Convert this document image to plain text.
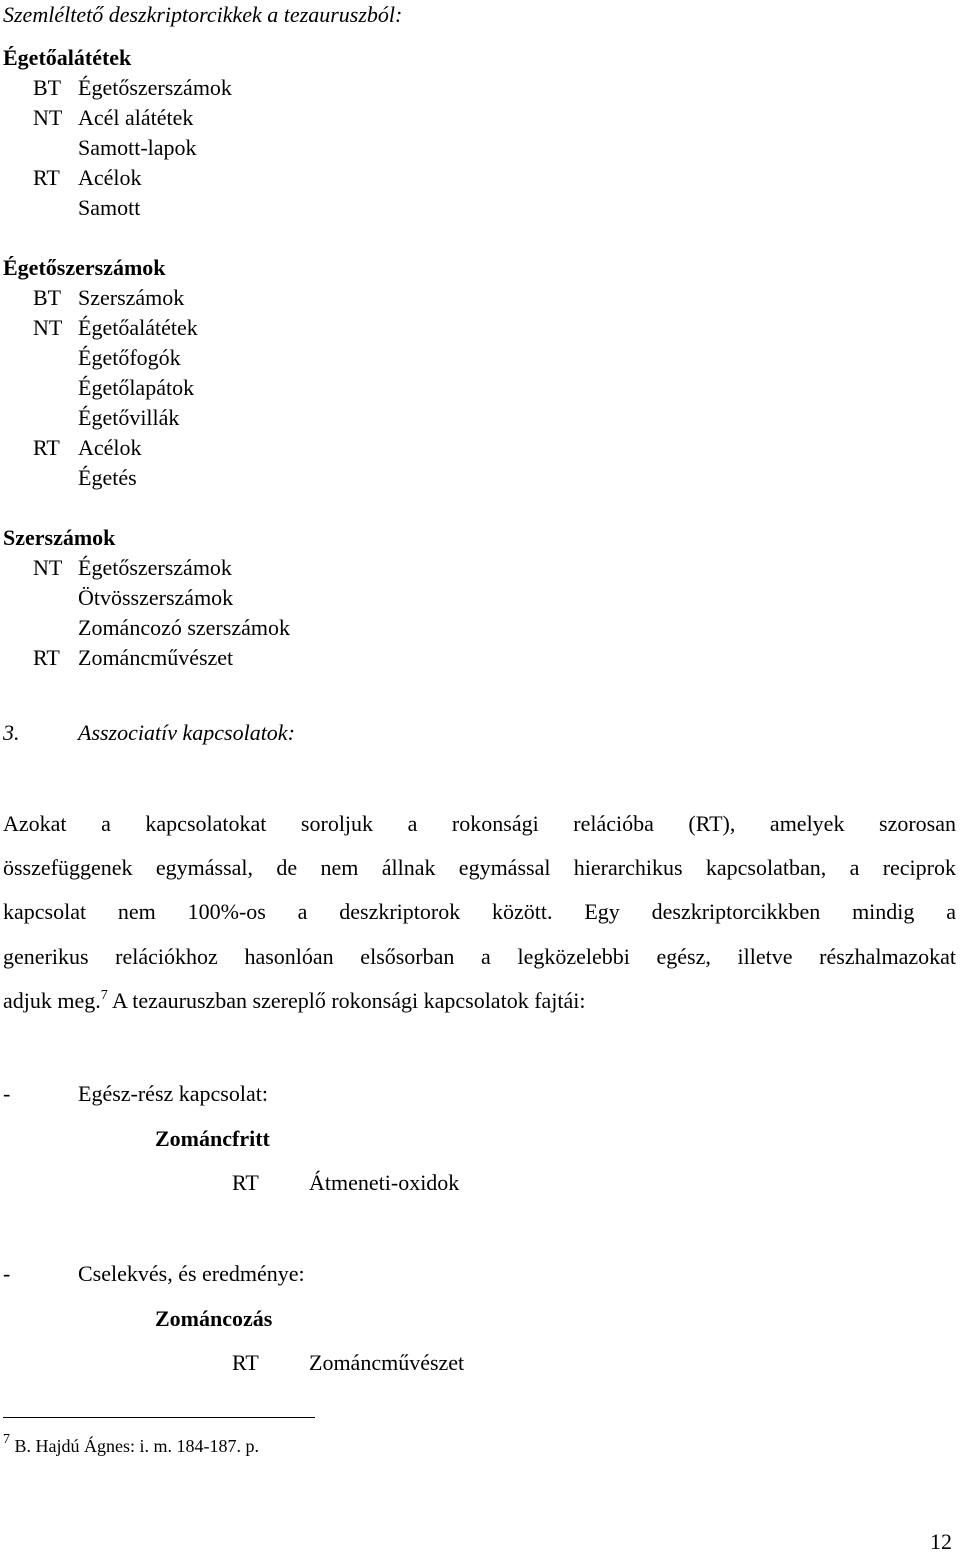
Szemléltető deszkriptorcikkek a tezauruszból:
Égetőalátétek
BT Égetőszerszámok
NT Acél alátétek
Samott-lapok
RT Acélok
Samott
Égetőszerszámok
BT Szerszámok
NT Égetőalátétek
Égetőfogók
Égetőlapátok
Égetővillák
RT Acélok
Égetés
Szerszámok
NT Égetőszerszámok
Ötvösszerszámok
Zománcozó szerszámok
RT Zománcművészet
3.	Asszociatív kapcsolatok:
Azokat a kapcsolatokat soroljuk a rokonsági relációba (RT), amelyek szorosan
összefüggenek egymással, de nem állnak egymással hierarchikus kapcsolatban, a reciprok
kapcsolat nem 100%-os a deszkriptorok között. Egy deszkriptorcikkben mindig a
generikus relációkhoz hasonlóan elsősorban a legközelebbi egész, illetve részhalmazokat
adjuk meg.$^7$ A tezauruszban szereplő rokonsági kapcsolatok fajtái:
-	Egész-rész kapcsolat:
Zománcfritt
RT Átmeneti-oxidok
-	Cselekvés, és eredménye:
Zománcozás
RT Zománcművészet
$^7$ B. Hajdú Ágnes: i. m. 184-187. p.
12
